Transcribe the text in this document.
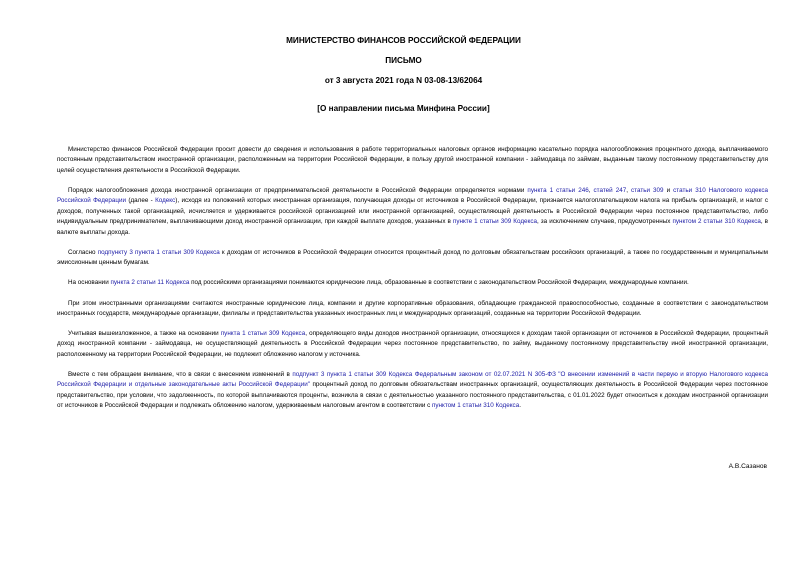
МИНИСТЕРСТВО ФИНАНСОВ РОССИЙСКОЙ ФЕДЕРАЦИИ
ПИСЬМО
от 3 августа 2021 года N 03-08-13/62064
[О направлении письма Минфина России]
Министерство финансов Российской Федерации просит довести до сведения и использования в работе территориальных налоговых органов информацию касательно порядка налогообложения процентного дохода, выплачиваемого постоянным представительством иностранной организации, расположенным на территории Российской Федерации, в пользу другой иностранной компании - займодавца по займам, выданным такому постоянному представительству для целей осуществления деятельности в Российской Федерации.
Порядок налогообложения дохода иностранной организации от предпринимательской деятельности в Российской Федерации определяется нормами пункта 1 статьи 246, статей 247, статьи 309 и статьи 310 Налогового кодекса Российской Федерации (далее - Кодекс), исходя из положений которых иностранная организация, получающая доходы от источников в Российской Федерации, признается налогоплательщиком налога на прибыль организаций, и налог с доходов, полученных такой организацией, исчисляется и удерживается российской организацией или иностранной организацией, осуществляющей деятельность в Российской Федерации через постоянное представительство, либо индивидуальным предпринимателем, выплачивающими доход иностранной организации, при каждой выплате доходов, указанных в пункте 1 статьи 309 Кодекса, за исключением случаев, предусмотренных пунктом 2 статьи 310 Кодекса, в валюте выплаты дохода.
Согласно подпункту 3 пункта 1 статьи 309 Кодекса к доходам от источников в Российской Федерации относится процентный доход по долговым обязательствам российских организаций, а также по государственным и муниципальным эмиссионным ценным бумагам.
На основании пункта 2 статьи 11 Кодекса под российскими организациями понимаются юридические лица, образованные в соответствии с законодательством Российской Федерации, международные компании.
При этом иностранными организациями считаются иностранные юридические лица, компании и другие корпоративные образования, обладающие гражданской правоспособностью, созданные в соответствии с законодательством иностранных государств, международные организации, филиалы и представительства указанных иностранных лиц и международных организаций, созданные на территории Российской Федерации.
Учитывая вышеизложенное, а также на основании пункта 1 статьи 309 Кодекса, определяющего виды доходов иностранной организации, относящихся к доходам такой организации от источников в Российской Федерации, процентный доход иностранной компании - займодавца, не осуществляющей деятельность в Российской Федерации через постоянное представительство, по займу, выданному постоянному представительству иной иностранной организации, расположенному на территории Российской Федерации, не подлежит обложению налогом у источника.
Вместе с тем обращаем внимание, что в связи с внесением изменений в подпункт 3 пункта 1 статьи 309 Кодекса Федеральным законом от 02.07.2021 N 305-ФЗ "О внесении изменений в части первую и вторую Налогового кодекса Российской Федерации и отдельные законодательные акты Российской Федерации" процентный доход по долговым обязательствам иностранных организаций, осуществляющих деятельность в Российской Федерации через постоянное представительство, при условии, что задолженность, по которой выплачиваются проценты, возникла в связи с деятельностью указанного постоянного представительства, с 01.01.2022 будет относиться к доходам иностранной организации от источников в Российской Федерации и подлежать обложению налогом, удерживаемым налоговым агентом в соответствии с пунктом 1 статьи 310 Кодекса.
А.В.Сазанов
